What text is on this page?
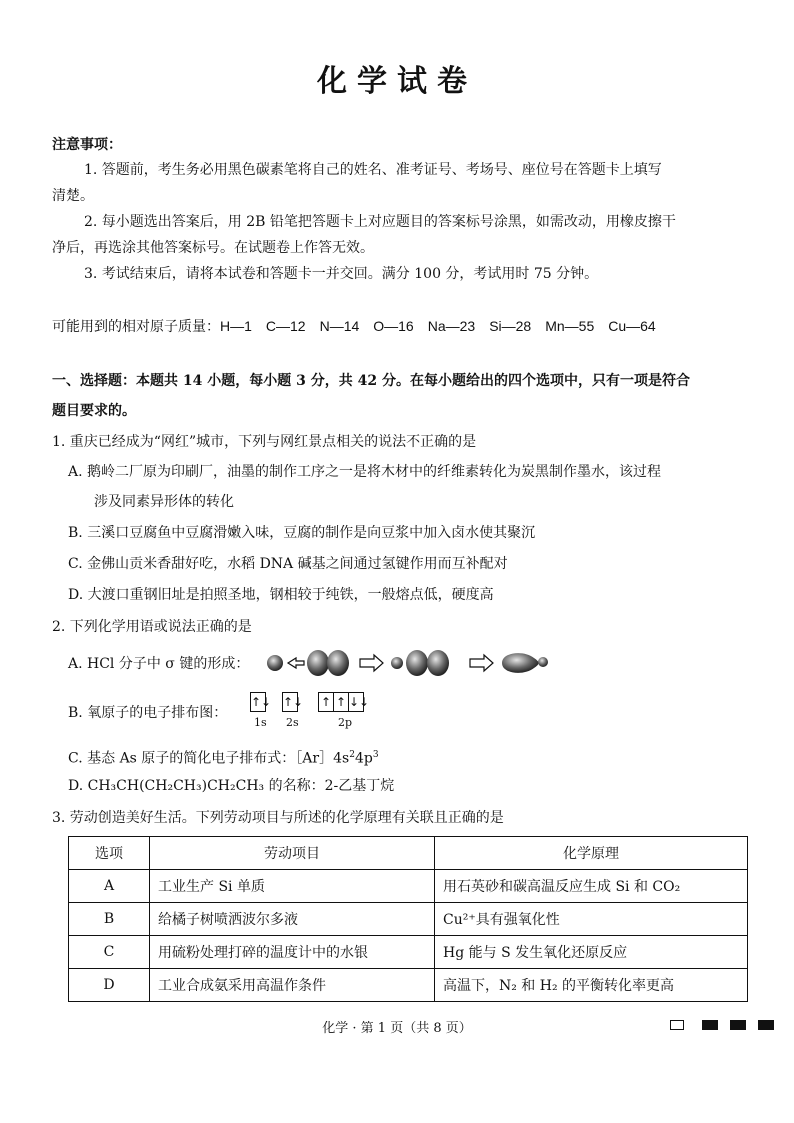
化学试卷
注意事项：
1. 答题前，考生务必用黑色碳素笔将自己的姓名、准考证号、考场号、座位号在答题卡上填写
清楚。
2. 每小题选出答案后，用 2B 铅笔把答题卡上对应题目的答案标号涂黑，如需改动，用橡皮擦干
净后，再选涂其他答案标号。在试题卷上作答无效。
3. 考试结束后，请将本试卷和答题卡一并交回。满分 100 分，考试用时 75 分钟。
可能用到的相对原子质量：H—1　C—12　N—14　O—16　Na—23　Si—28　Mn—55　Cu—64
一、选择题：本题共 14 小题，每小题 3 分，共 42 分。在每小题给出的四个选项中，只有一项是符合
题目要求的。
1. 重庆已经成为“网红”城市，下列与网红景点相关的说法不正确的是
A. 鹅岭二厂原为印刷厂，油墨的制作工序之一是将木材中的纤维素转化为炭黑制作墨水，该过程
涉及同素异形体的转化
B. 三溪口豆腐鱼中豆腐滑嫩入味，豆腐的制作是向豆浆中加入卤水使其聚沉
C. 金佛山贡米香甜好吃，水稻 DNA 碱基之间通过氢键作用而互补配对
D. 大渡口重钢旧址是拍照圣地，钢相较于纯铁，一般熔点低，硬度高
2. 下列化学用语或说法正确的是
A. HCl 分子中 σ 键的形成：
B. 氧原子的电子排布图：
↑↓ ↑↓ ↑ ↑ ↓↓
1s 2s	2p
C. 基态 As 原子的简化电子排布式：$[Ar]4s^24p^3$
D. CH₃CH(CH₂CH₃)CH₂CH₃ 的名称：2-乙基丁烷
3. 劳动创造美好生活。下列劳动项目与所述的化学原理有关联且正确的是
选项	劳动项目	化学原理
A	工业生产 Si 单质	用石英砂和碳高温反应生成 Si 和 CO₂
B	给橘子树喷洒波尔多液	Cu²⁺具有强氧化性
C	用硫粉处理打碎的温度计中的水银	Hg 能与 S 发生氧化还原反应
D	工业合成氨采用高温作条件	高温下，N₂ 和 H₂ 的平衡转化率更高
化学 · 第 1 页（共 8 页）
